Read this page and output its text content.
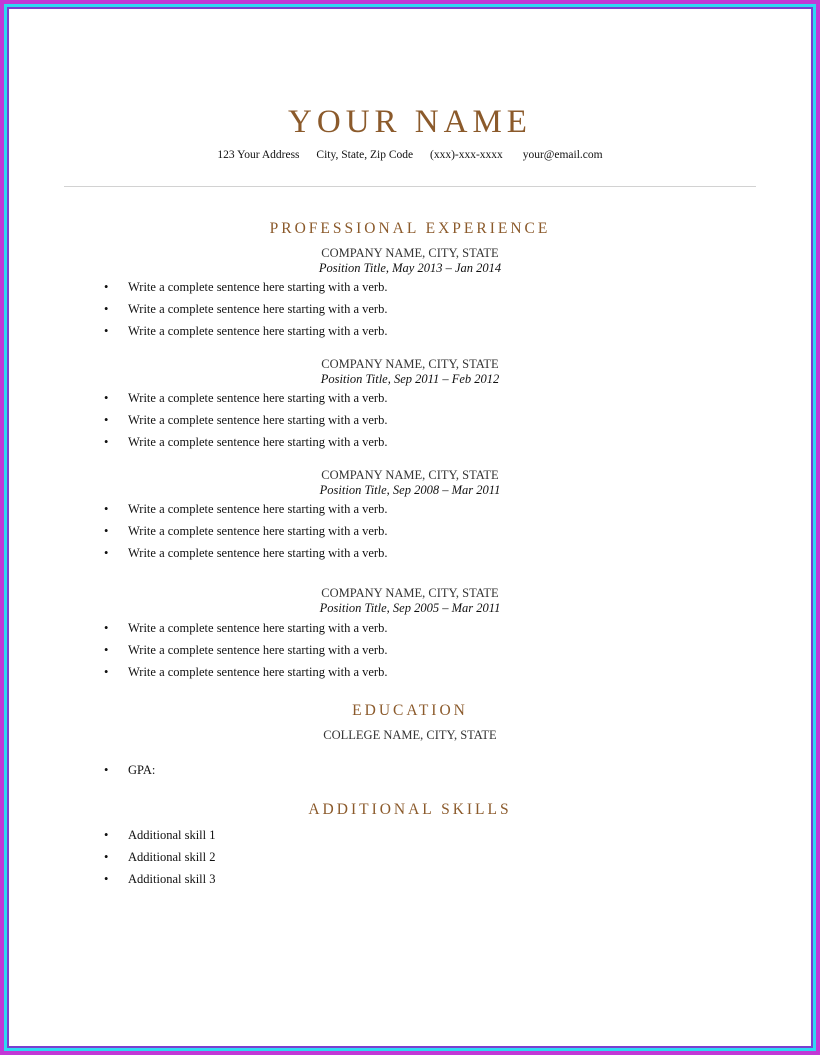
YOUR NAME
123 Your Address City, State, Zip Code (xxx)-xxx-xxxx your@email.com
PROFESSIONAL EXPERIENCE
COMPANY NAME, CITY, STATE
Position Title, May 2013 – Jan 2014
• Write a complete sentence here starting with a verb.
• Write a complete sentence here starting with a verb.
• Write a complete sentence here starting with a verb.
COMPANY NAME, CITY, STATE
Position Title, Sep 2011 – Feb 2012
• Write a complete sentence here starting with a verb.
• Write a complete sentence here starting with a verb.
• Write a complete sentence here starting with a verb.
COMPANY NAME, CITY, STATE
Position Title, Sep 2008 – Mar 2011
• Write a complete sentence here starting with a verb.
• Write a complete sentence here starting with a verb.
• Write a complete sentence here starting with a verb.
COMPANY NAME, CITY, STATE
Position Title, Sep 2005 – Mar 2011
• Write a complete sentence here starting with a verb.
• Write a complete sentence here starting with a verb.
• Write a complete sentence here starting with a verb.
EDUCATION
COLLEGE NAME, CITY, STATE
• GPA:
ADDITIONAL SKILLS
• Additional skill 1
• Additional skill 2
• Additional skill 3
